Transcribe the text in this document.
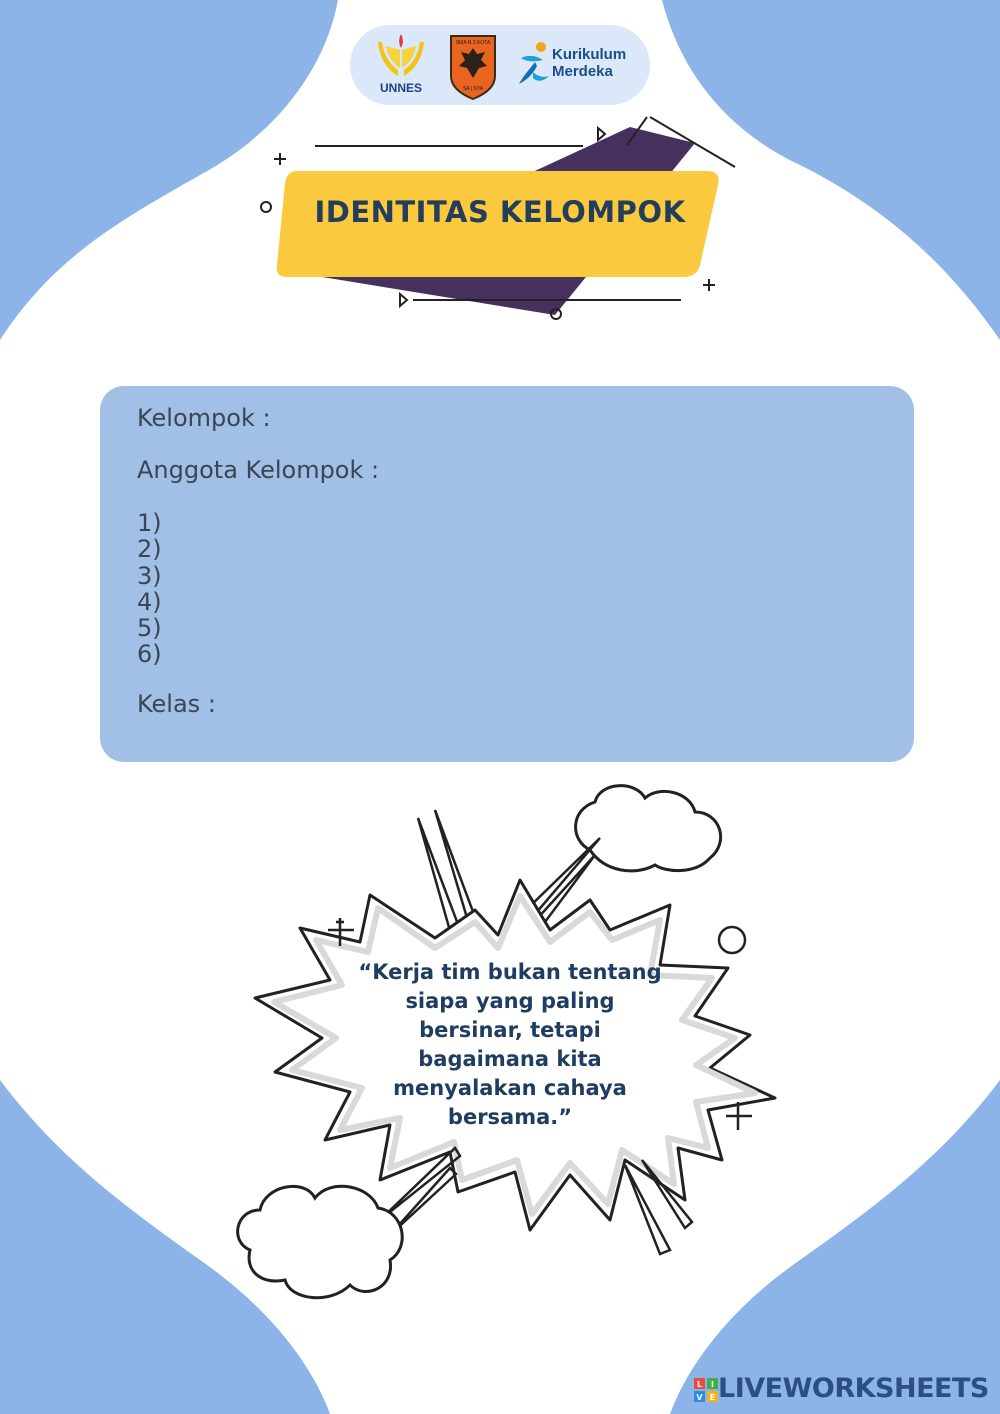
UNNES
SMA N 3 KOTA
SA | SYA
Kurikulum
Merdeka
IDENTITAS KELOMPOK
Kelompok :
Anggota Kelompok :
1)
2)
3)
4)
5)
6)
Kelas :
“Kerja tim bukan tentang siapa yang paling bersinar, tetapi bagaimana kita menyalakan cahaya bersama.”
L I
V E LIVEWORKSHEETS
